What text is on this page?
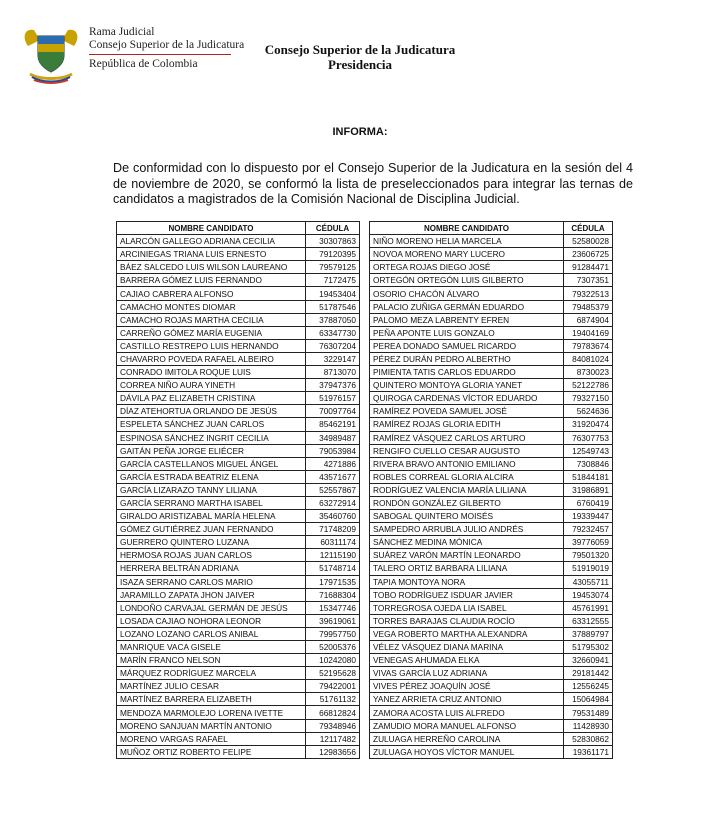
Rama Judicial
Consejo Superior de la Judicatura
República de Colombia
Consejo Superior de la Judicatura
Presidencia
INFORMA:
De conformidad con lo dispuesto por el Consejo Superior de la Judicatura en la sesión del 4 de noviembre de 2020, se conformó la lista de preseleccionados para integrar las ternas de candidatos a magistrados de la Comisión Nacional de Disciplina Judicial.
NOMBRE CANDIDATO	CÉDULA
ALARCÓN GALLEGO ADRIANA CECILIA	30307863
ARCINIEGAS TRIANA LUIS ERNESTO	79120395
BÁEZ SALCEDO LUIS WILSON LAUREANO	79579125
BARRERA GÓMEZ LUIS FERNANDO	7172475
CAJIAO CABRERA ALFONSO	19453404
CAMACHO MONTES DIOMAR	51787546
CAMACHO ROJAS MARTHA CECILIA	37887050
CARREÑO GÓMEZ MARÍA EUGENIA	63347730
CASTILLO RESTREPO LUIS HERNANDO	76307204
CHAVARRO POVEDA RAFAEL ALBEIRO	3229147
CONRADO IMITOLA ROQUE LUIS	8713070
CORREA NIÑO AURA YINETH	37947376
DÁVILA PAZ ELIZABETH CRISTINA	51976157
DÍAZ ATEHORTUA ORLANDO DE JESÚS	70097764
ESPELETA SÁNCHEZ JUAN CARLOS	85462191
ESPINOSA SÁNCHEZ INGRIT CECILIA	34989487
GAITÁN PEÑA JORGE ELIÉCER	79053984
GARCÍA CASTELLANOS MIGUEL ÁNGEL	4271886
GARCÍA ESTRADA BEATRIZ ELENA	43571677
GARCÍA LIZARAZO TANNY LILIANA	52557867
GARCÍA SERRANO MARTHA ISABEL	63272914
GIRALDO ARISTIZABAL MARÍA HELENA	35460760
GÓMEZ GUTIÉRREZ JUAN FERNANDO	71748209
GUERRERO QUINTERO LUZANA	60311174
HERMOSA ROJAS JUAN CARLOS	12115190
HERRERA BELTRÁN ADRIANA	51748714
ISAZA SERRANO CARLOS MARIO	17971535
JARAMILLO ZAPATA JHON JAIVER	71688304
LONDOÑO CARVAJAL GERMÁN DE JESÚS	15347746
LOSADA CAJIAO NOHORA LEONOR	39619061
LOZANO LOZANO CARLOS ANIBAL	79957750
MANRIQUE VACA GISELE	52005376
MARÍN FRANCO NELSON	10242080
MÁRQUEZ RODRÍGUEZ MARCELA	52195628
MARTÍNEZ JULIO CESAR	79422001
MARTÍNEZ BARRERA ELIZABETH	51761132
MENDOZA MARMOLEJO LORENA IVETTE	66812824
MORENO SANJUAN MARTÍN ANTONIO	79348946
MORENO VARGAS RAFAEL	12117482
MUÑOZ ORTIZ ROBERTO FELIPE	12983656
NOMBRE CANDIDATO	CÉDULA
NIÑO MORENO HELIA MARCELA	52580028
NOVOA MORENO MARY LUCERO	23606725
ORTEGA ROJAS DIEGO JOSÉ	91284471
ORTEGÓN ORTEGÓN LUIS GILBERTO	7307351
OSORIO CHACÓN ÁLVARO	79322513
PALACIO ZUÑIGA GERMÁN EDUARDO	79485379
PALOMO MEZA LABRENTY EFREN	6874904
PEÑA APONTE LUIS GONZALO	19404169
PEREA DONADO SAMUEL RICARDO	79783674
PÉREZ DURÁN PEDRO ALBERTHO	84081024
PIMIENTA TATIS CARLOS EDUARDO	8730023
QUINTERO MONTOYA GLORIA YANET	52122786
QUIROGA CARDENAS VÍCTOR EDUARDO	79327150
RAMÍREZ POVEDA SAMUEL JOSÉ	5624636
RAMÍREZ ROJAS GLORIA EDITH	31920474
RAMÍREZ VÁSQUEZ CARLOS ARTURO	76307753
RENGIFO CUELLO CESAR AUGUSTO	12549743
RIVERA BRAVO ANTONIO EMILIANO	7308846
ROBLES CORREAL GLORIA ALCIRA	51844181
RODRÍGUEZ VALENCIA MARÍA LILIANA	31986891
RONDÓN GONZÁLEZ GILBERTO	6760419
SABOGAL QUINTERO MOISÉS	19339447
SAMPEDRO ARRUBLA JULIO ANDRÉS	79232457
SÁNCHEZ MEDINA MÓNICA	39776059
SUÁREZ VARÓN MARTÍN LEONARDO	79501320
TALERO ORTIZ BARBARA LILIANA	51919019
TAPIA MONTOYA NORA	43055711
TOBO RODRÍGUEZ ISDUAR JAVIER	19453074
TORREGROSA OJEDA LIA ISABEL	45761991
TORRES BARAJAS CLAUDIA ROCÍO	63312555
VEGA ROBERTO MARTHA ALEXANDRA	37889797
VÉLEZ VÁSQUEZ DIANA MARINA	51795302
VENEGAS AHUMADA ELKA	32660941
VIVAS GARCÍA LUZ ADRIANA	29181442
VIVES PÉREZ JOAQUÍN JOSÉ	12556245
YANEZ ARRIETA CRUZ ANTONIO	15064984
ZAMORA ACOSTA LUIS ALFREDO	79531489
ZAMUDIO MORA MANUEL ALFONSO	11428930
ZULUAGA HERREÑO CAROLINA	52830862
ZULUAGA HOYOS VÍCTOR MANUEL	19361171
